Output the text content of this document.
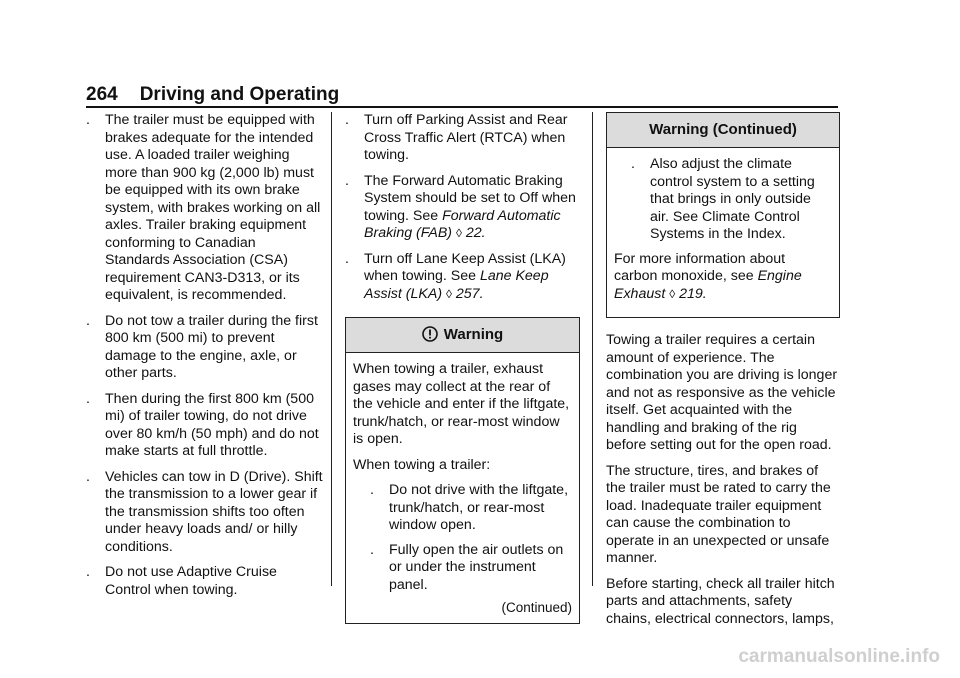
264 Driving and Operating
. The trailer must be equipped with brakes adequate for the intended use. A loaded trailer weighing more than 900 kg (2,000 lb) must be equipped with its own brake system, with brakes working on all axles. Trailer braking equipment conforming to Canadian Standards Association (CSA) requirement CAN3-D313, or its equivalent, is recommended.
. Do not tow a trailer during the first 800 km (500 mi) to prevent damage to the engine, axle, or other parts.
. Then during the first 800 km (500 mi) of trailer towing, do not drive over 80 km/h (50 mph) and do not make starts at full throttle.
. Vehicles can tow in D (Drive). Shift the transmission to a lower gear if the transmission shifts too often under heavy loads and/ or hilly conditions.
. Do not use Adaptive Cruise Control when towing.
. Turn off Parking Assist and Rear Cross Traffic Alert (RTCA) when towing.
. The Forward Automatic Braking System should be set to Off when towing. See Forward Automatic Braking (FAB) ◊ 22.
. Turn off Lane Keep Assist (LKA) when towing. See Lane Keep Assist (LKA) ◊ 257.
Warning

When towing a trailer, exhaust gases may collect at the rear of the vehicle and enter if the liftgate, trunk/hatch, or rear-most window is open.

When towing a trailer:

. Do not drive with the liftgate, trunk/hatch, or rear-most window open.
. Fully open the air outlets on or under the instrument panel.
(Continued)
Warning (Continued)
. Also adjust the climate control system to a setting that brings in only outside air. See Climate Control Systems in the Index.

For more information about carbon monoxide, see Engine Exhaust ◊ 219.

Towing a trailer requires a certain amount of experience. The combination you are driving is longer and not as responsive as the vehicle itself. Get acquainted with the handling and braking of the rig before setting out for the open road.

The structure, tires, and brakes of the trailer must be rated to carry the load. Inadequate trailer equipment can cause the combination to operate in an unexpected or unsafe manner.

Before starting, check all trailer hitch parts and attachments, safety chains, electrical connectors, lamps,

carmanualsonline.info
